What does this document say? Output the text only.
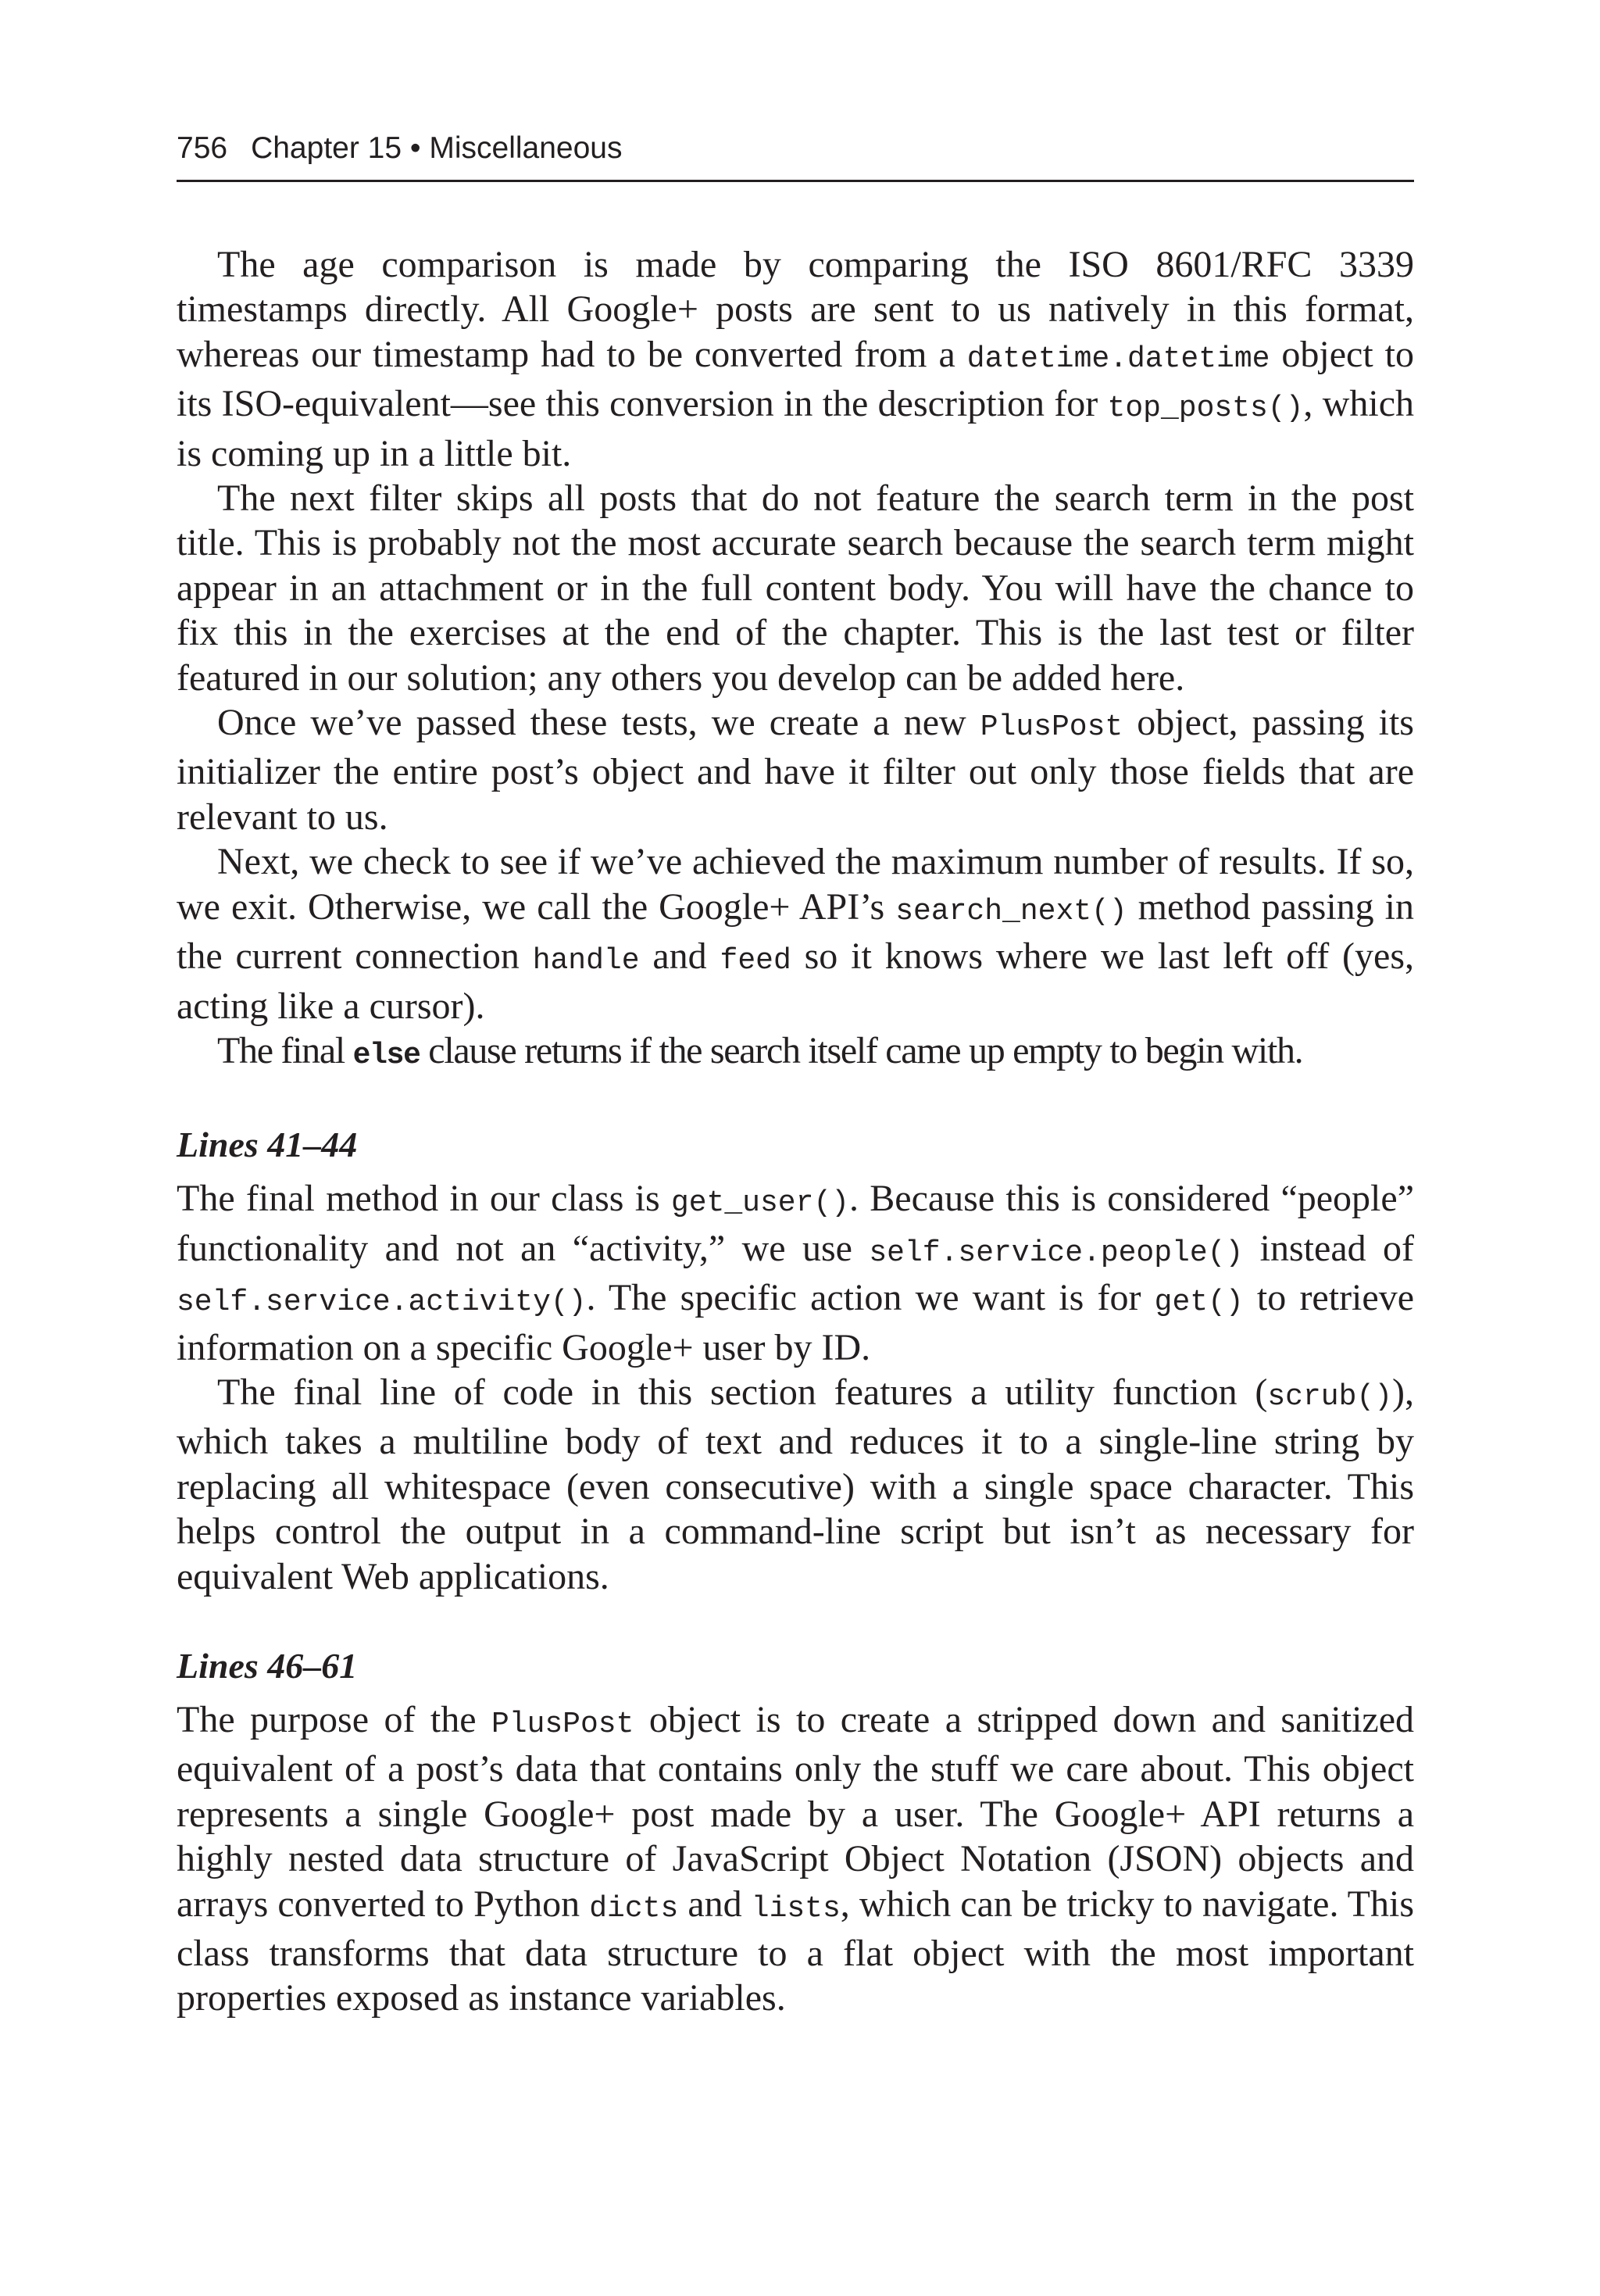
756 Chapter 15 • Miscellaneous

The age comparison is made by comparing the ISO 8601/RFC 3339 timestamps directly. All Google+ posts are sent to us natively in this format, whereas our timestamp had to be converted from a datetime.datetime object to its ISO-equivalent—see this conversion in the description for top_posts(), which is coming up in a little bit.

The next filter skips all posts that do not feature the search term in the post title. This is probably not the most accurate search because the search term might appear in an attachment or in the full content body. You will have the chance to fix this in the exercises at the end of the chapter. This is the last test or filter featured in our solution; any others you develop can be added here.

Once we’ve passed these tests, we create a new PlusPost object, passing its initializer the entire post’s object and have it filter out only those fields that are relevant to us.

Next, we check to see if we’ve achieved the maximum number of results. If so, we exit. Otherwise, we call the Google+ API’s search_next() method passing in the current connection handle and feed so it knows where we last left off (yes, acting like a cursor).

The final else clause returns if the search itself came up empty to begin with.

Lines 41–44

The final method in our class is get_user(). Because this is considered “people” functionality and not an “activity,” we use self.service.people() instead of self.service.activity(). The specific action we want is for get() to retrieve information on a specific Google+ user by ID.

The final line of code in this section features a utility function (scrub()), which takes a multiline body of text and reduces it to a single-line string by replacing all whitespace (even consecutive) with a single space character. This helps control the output in a command-line script but isn’t as necessary for equivalent Web applications.

Lines 46–61

The purpose of the PlusPost object is to create a stripped down and sanitized equivalent of a post’s data that contains only the stuff we care about. This object represents a single Google+ post made by a user. The Google+ API returns a highly nested data structure of JavaScript Object Notation (JSON) objects and arrays converted to Python dicts and lists, which can be tricky to navigate. This class transforms that data structure to a flat object with the most important properties exposed as instance variables.
